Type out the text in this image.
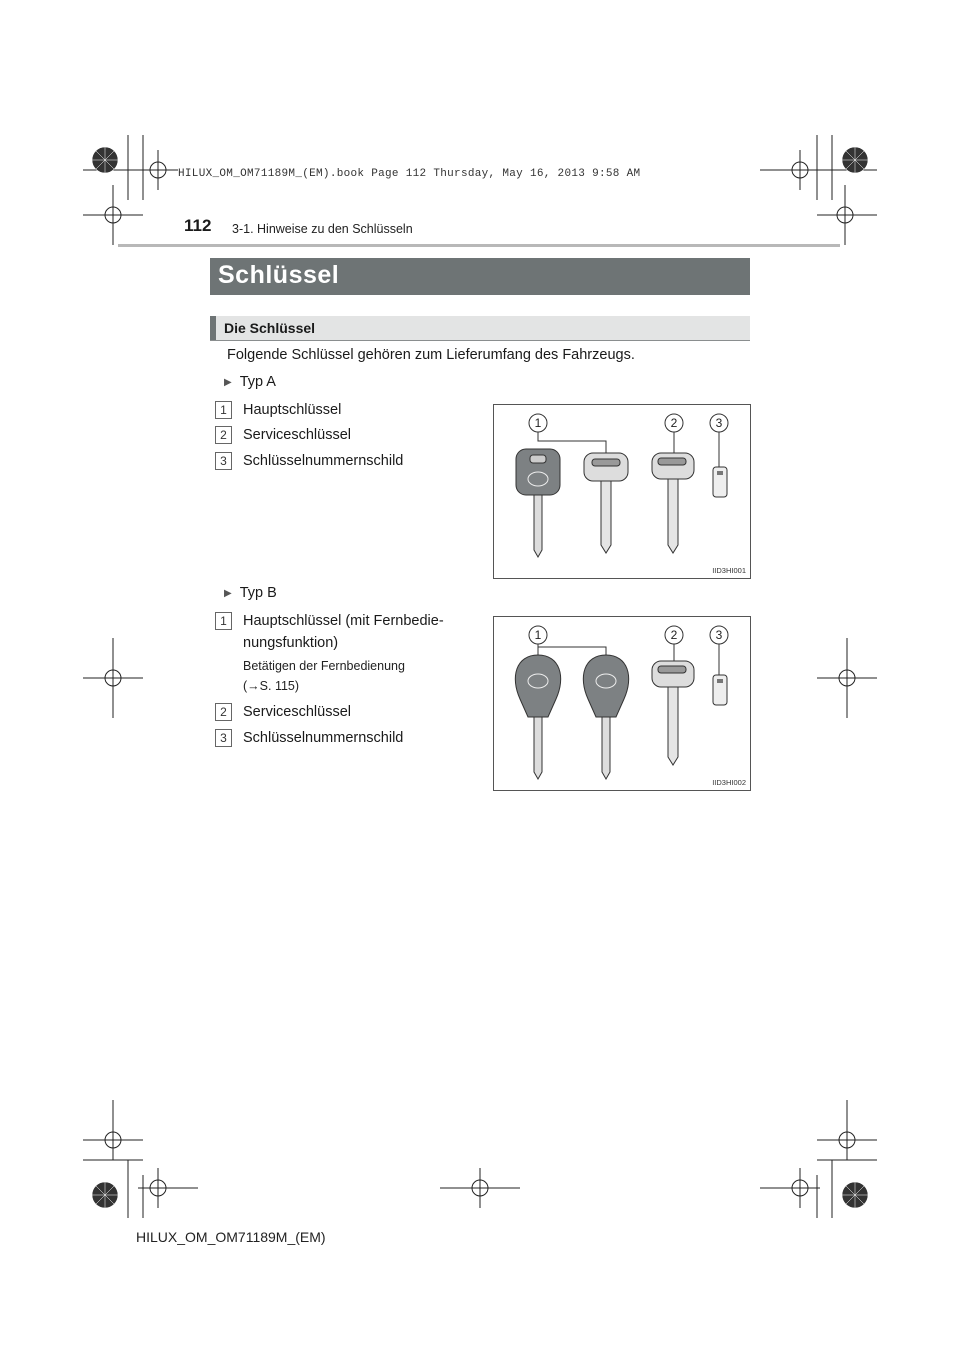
HILUX_OM_OM71189M_(EM).book Page 112 Thursday, May 16, 2013 9:58 AM
112 3-1. Hinweise zu den Schlüsseln
Schlüssel
Die Schlüssel
Folgende Schlüssel gehören zum Lieferumfang des Fahrzeugs.
▶ Typ A
1	Hauptschlüssel
2	Serviceschlüssel
3	Schlüsselnummernschild
1	2	3
IID3HI001
▶ Typ B
1	Hauptschlüssel (mit Fernbedie-
nungsfunktion)
Betätigen der Fernbedienung
(→S. 115)
2	Serviceschlüssel
3	Schlüsselnummernschild
1	2	3
IID3HI002
HILUX_OM_OM71189M_(EM)
